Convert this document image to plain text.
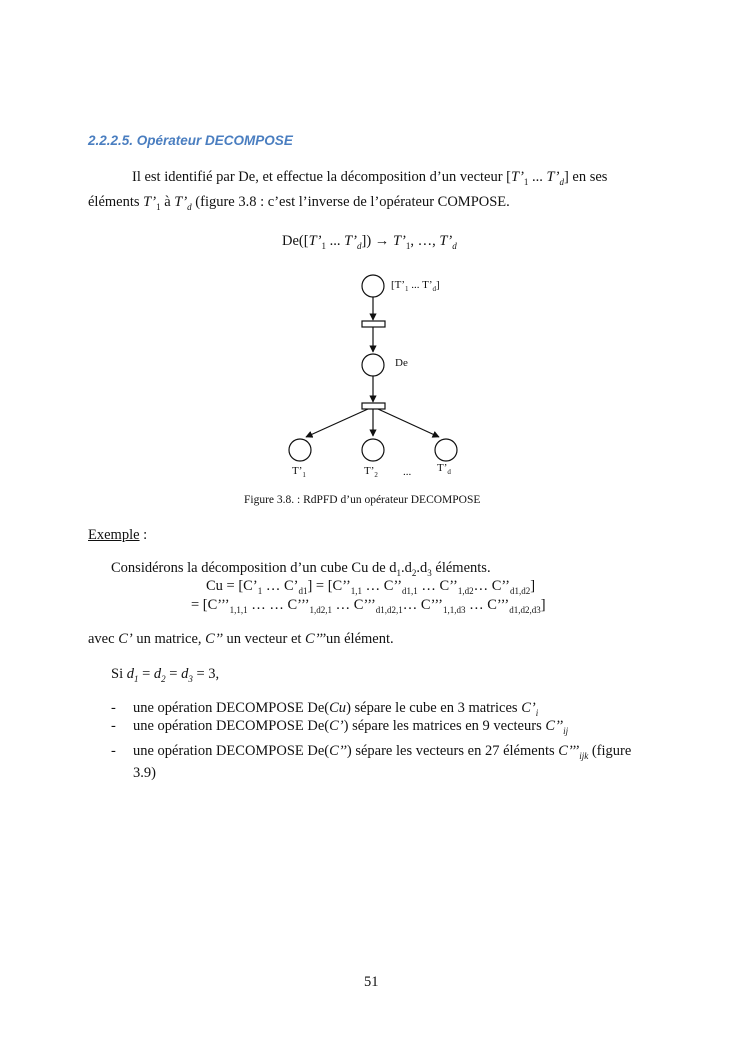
2.2.2.5. Opérateur DECOMPOSE
Il est identifié par De, et effectue la décomposition d’un vecteur [$T’_1$ ... $T’_d$] en ses
éléments $T’_1$ à $T’_d$ (figure 3.8 : c’est l’inverse de l’opérateur COMPOSE.
$De([T’_1$ ... $T’_d$]) → $T’_1$, …, $T’_d$
[$T’_1$ ... $T’_d$]
De
$T’_1$	$T’_2$ ... $T’_d$
Figure 3.8. : RdPFD d’un opérateur DECOMPOSE
Exemple :
Considérons la décomposition d’un cube Cu de $d_1.d_2.d_3$ éléments.
$Cu = [C’_1$ … $C’_{d1}$] = [$C’’_{1,1}$ … $C’’_{d1,1}$ … $C’’_{1,d2}\dots$ $C’’_{d1,d2}$]
= [$C’’’_{1,1,1}$ … … $C’’’_{1,d2,1}$ … $C’’’_{d1,d2,1}\dots$ $C’’’_{1,1,d3}$ … $C’’’_{d1,d2,d3}$]
avec C’ un matrice, C’’ un vecteur et C’’’un élément.
Si $d_1 = d_2 = d_3 = 3$,
- une opération DECOMPOSE De(Cu) sépare le cube en 3 matrices $C’_i$
- une opération DECOMPOSE De(C’) sépare les matrices en 9 vecteurs $C’’_{ij}$
- une opération DECOMPOSE De(C’’) sépare les vecteurs en 27 éléments $C’’’_{ijk}$ (figure
3.9)
51
